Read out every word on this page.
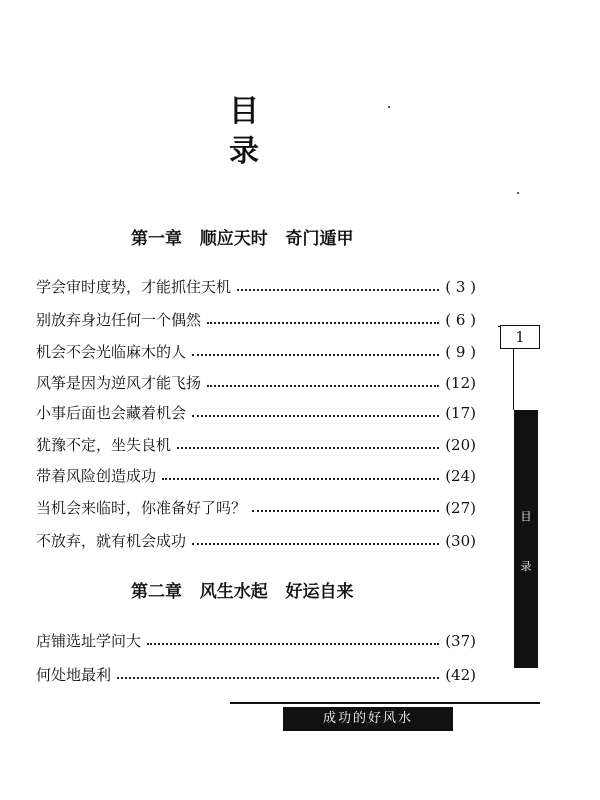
目 录
第一章   顺应天时   奇门遁甲
学会审时度势，才能抓住天机	( 3 )
别放弃身边任何一个偶然	( 6 )
机会不会光临麻木的人	( 9 )
风筝是因为逆风才能飞扬	(12)
小事后面也会藏着机会	(17)
犹豫不定，坐失良机	(20)
带着风险创造成功	(24)
当机会来临时，你准备好了吗？	(27)
不放弃，就有机会成功	(30)
第二章   风生水起   好运自来
店铺选址学问大	(37)
何处地最利	(42)
1
目
录
成功的好风水
